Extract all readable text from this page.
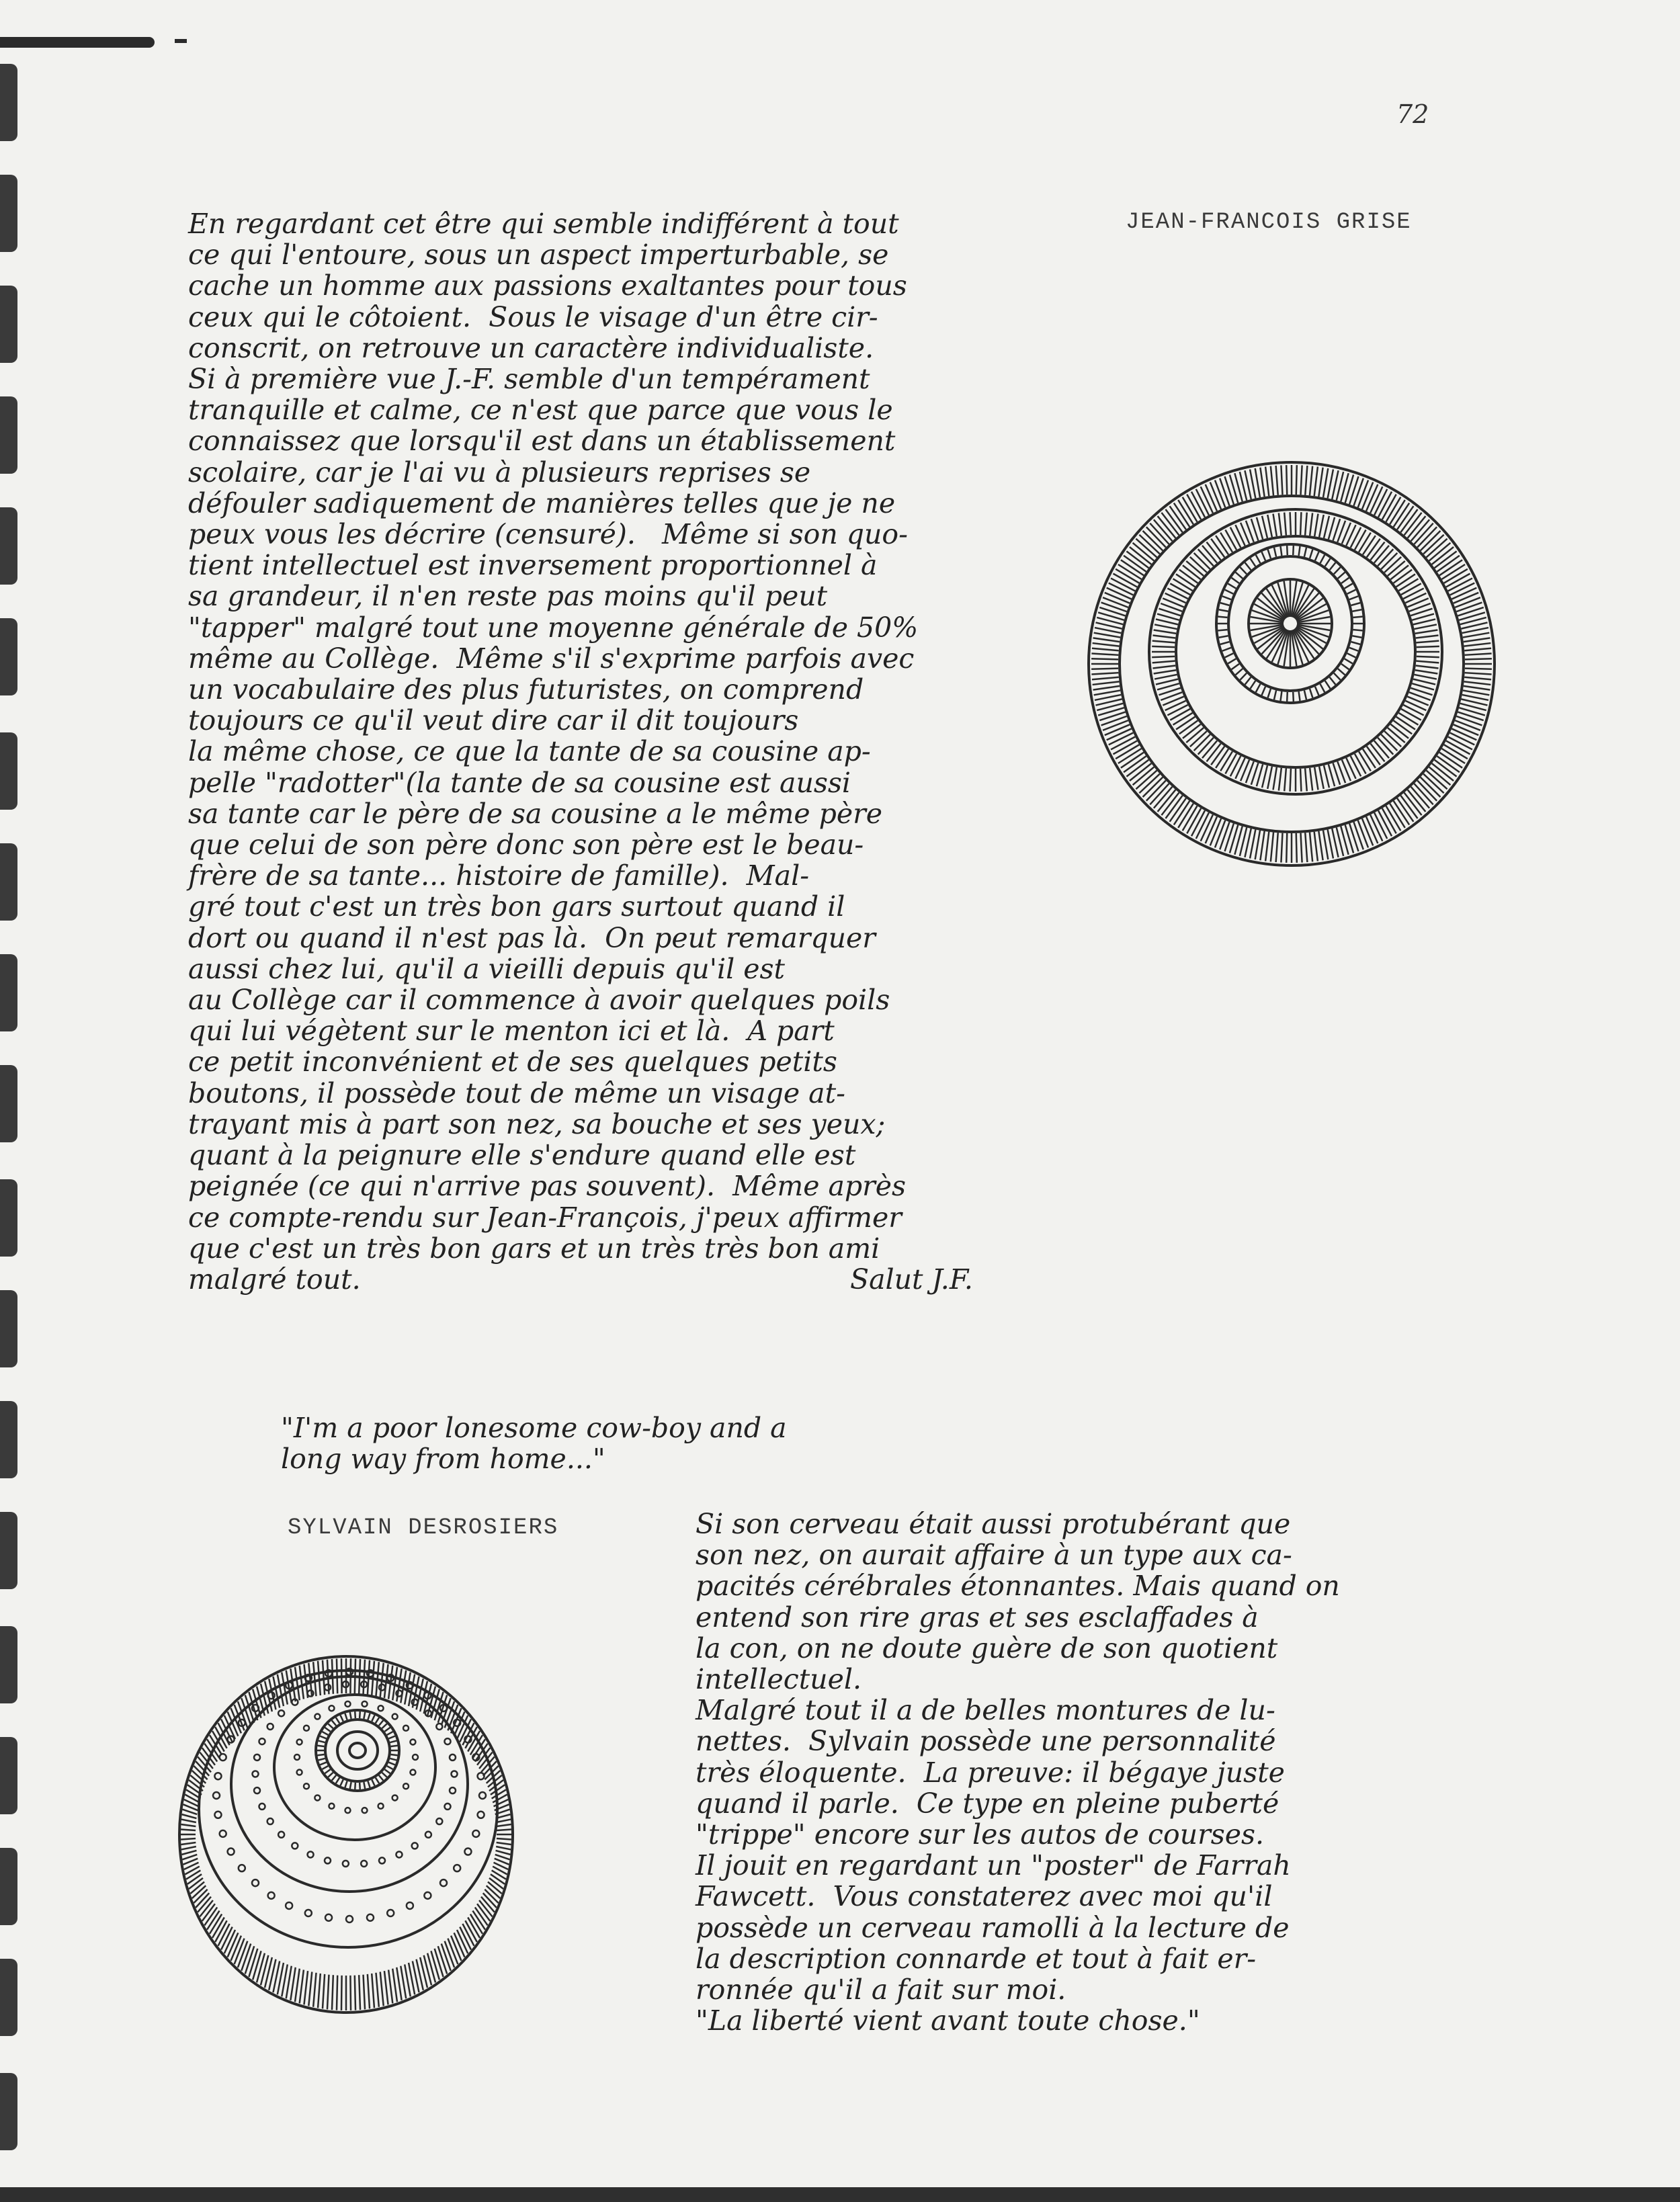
72
JEAN-FRANCOIS GRISE
En regardant cet être qui semble indifférent à tout
ce qui l'entoure, sous un aspect imperturbable, se
cache un homme aux passions exaltantes pour tous
ceux qui le côtoient.  Sous le visage d'un être cir-
conscrit, on retrouve un caractère individualiste.
Si à première vue J.-F. semble d'un tempérament
tranquille et calme, ce n'est que parce que vous le
connaissez que lorsqu'il est dans un établissement
scolaire, car je l'ai vu à plusieurs reprises se
défouler sadiquement de manières telles que je ne
peux vous les décrire (censuré).   Même si son quo-
tient intellectuel est inversement proportionnel à
sa grandeur, il n'en reste pas moins qu'il peut
"tapper" malgré tout une moyenne générale de 50%
même au Collège.  Même s'il s'exprime parfois avec
un vocabulaire des plus futuristes, on comprend
toujours ce qu'il veut dire car il dit toujours
la même chose, ce que la tante de sa cousine ap-
pelle "radotter"(la tante de sa cousine est aussi
sa tante car le père de sa cousine a le même père
que celui de son père donc son père est le beau-
frère de sa tante... histoire de famille).  Mal-
gré tout c'est un très bon gars surtout quand il
dort ou quand il n'est pas là.  On peut remarquer
aussi chez lui, qu'il a vieilli depuis qu'il est
au Collège car il commence à avoir quelques poils
qui lui végètent sur le menton ici et là.  A part
ce petit inconvénient et de ses quelques petits
boutons, il possède tout de même un visage at-
trayant mis à part son nez, sa bouche et ses yeux;
quant à la peignure elle s'endure quand elle est
peignée (ce qui n'arrive pas souvent).  Même après
ce compte-rendu sur Jean-François, j'peux affirmer
que c'est un très bon gars et un très très bon ami
malgré tout.	Salut J.F.
"I'm a poor lonesome cow-boy and a
long way from home..."
SYLVAIN DESROSIERS	Si son cerveau était aussi protubérant que
son nez, on aurait affaire à un type aux ca-
pacités cérébrales étonnantes. Mais quand on
entend son rire gras et ses esclaffades à
la con, on ne doute guère de son quotient
intellectuel.
Malgré tout il a de belles montures de lu-
nettes.  Sylvain possède une personnalité
très éloquente.  La preuve: il bégaye juste
quand il parle.  Ce type en pleine puberté
"trippe" encore sur les autos de courses.
Il jouit en regardant un "poster" de Farrah
Fawcett.  Vous constaterez avec moi qu'il
possède un cerveau ramolli à la lecture de
la description connarde et tout à fait er-
ronnée qu'il a fait sur moi.
"La liberté vient avant toute chose."
